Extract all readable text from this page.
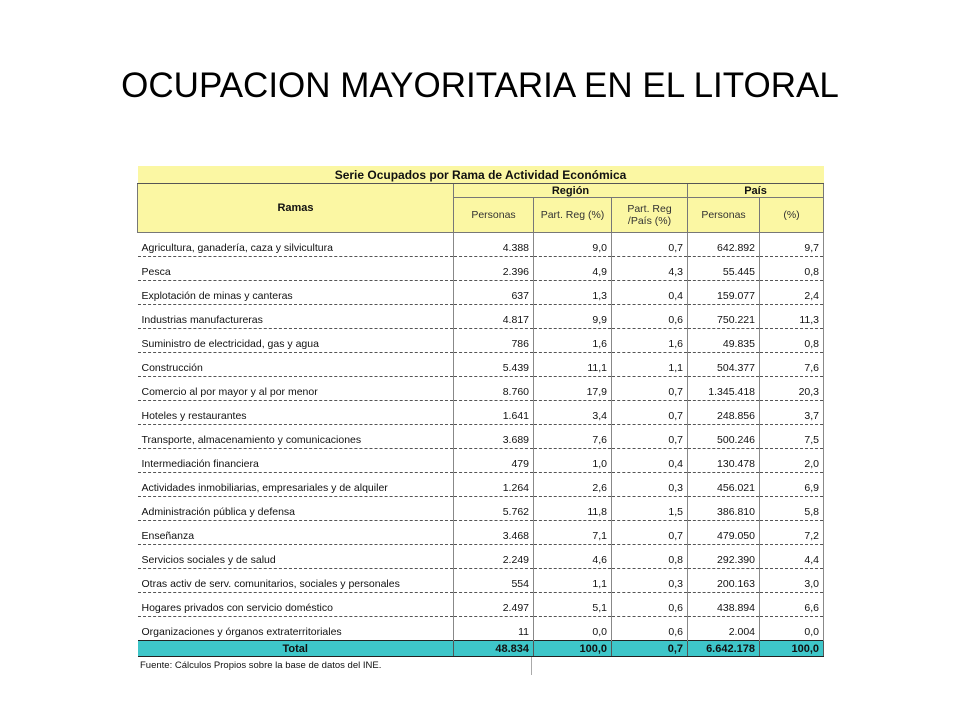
OCUPACION MAYORITARIA EN EL LITORAL
Serie Ocupados por Rama de Actividad Económica					
Ramas	Región			País	
	Personas	Part. Reg (%)	Part. Reg /País (%)	Personas	(%)
Agricultura, ganadería, caza y silvicultura	4.388	9,0	0,7	642.892	9,7
Pesca	2.396	4,9	4,3	55.445	0,8
Explotación de minas y canteras	637	1,3	0,4	159.077	2,4
Industrias manufactureras	4.817	9,9	0,6	750.221	11,3
Suministro de electricidad, gas y agua	786	1,6	1,6	49.835	0,8
Construcción	5.439	11,1	1,1	504.377	7,6
Comercio al por mayor y al por menor	8.760	17,9	0,7	1.345.418	20,3
Hoteles y restaurantes	1.641	3,4	0,7	248.856	3,7
Transporte, almacenamiento y comunicaciones	3.689	7,6	0,7	500.246	7,5
Intermediación financiera	479	1,0	0,4	130.478	2,0
Actividades inmobiliarias, empresariales y de alquiler	1.264	2,6	0,3	456.021	6,9
Administración pública y defensa	5.762	11,8	1,5	386.810	5,8
Enseñanza	3.468	7,1	0,7	479.050	7,2
Servicios sociales y de salud	2.249	4,6	0,8	292.390	4,4
Otras activ de serv. comunitarios, sociales y personales	554	1,1	0,3	200.163	3,0
Hogares privados con servicio doméstico	2.497	5,1	0,6	438.894	6,6
Organizaciones y órganos extraterritoriales	11	0,0	0,6	2.004	0,0
Total	48.834	100,0	0,7	6.642.178	100,0
Fuente: Cálculos Propios sobre la base de datos del INE.
